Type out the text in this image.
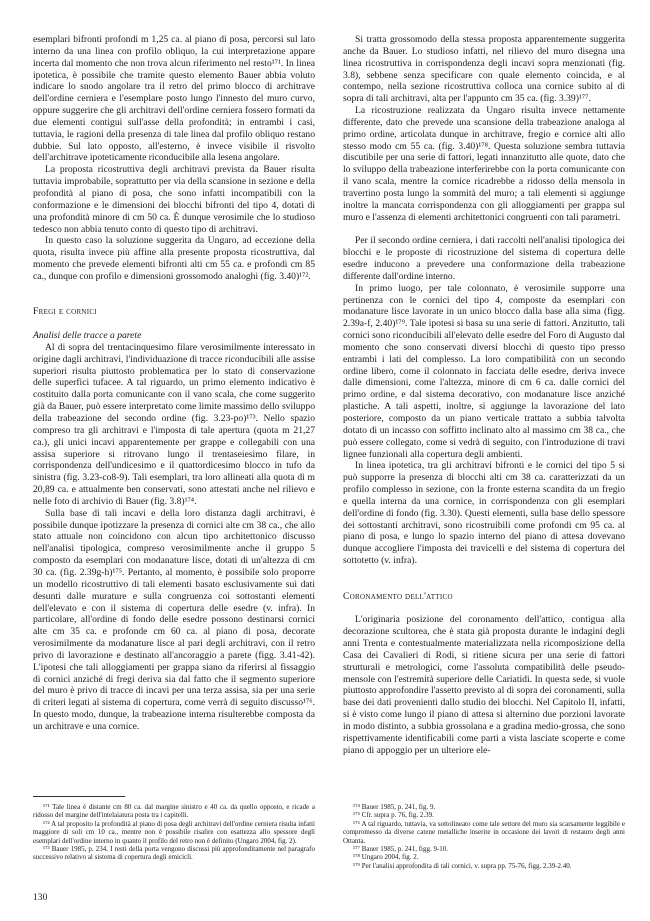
esemplari bifronti profondi m 1,25 ca. al piano di posa, percorsi sul lato interno da una linea con profilo obliquo, la cui interpretazione appare incerta dal momento che non trova alcun riferimento nel resto¹⁷¹. In linea ipotetica, è possibile che tramite questo elemento Bauer abbia voluto indicare lo snodo angolare tra il retro del primo blocco di architrave dell'ordine cerniera e l'esemplare posto lungo l'innesto del muro curvo, oppure suggerire che gli architravi dell'ordine cerniera fossero formati da due elementi contigui sull'asse della profondità; in entrambi i casi, tuttavia, le ragioni della presenza di tale linea dal profilo obliquo restano dubbie. Sul lato opposto, all'esterno, è invece visibile il risvolto dell'architrave ipoteticamente riconducibile alla lesena angolare.

La proposta ricostruttiva degli architravi prevista da Bauer risulta tuttavia improbabile, soprattutto per via della scansione in sezione e della profondità al piano di posa, che sono infatti incompatibili con la conformazione e le dimensioni dei blocchi bifronti del tipo 4, dotati di una profondità minore di cm 50 ca. È dunque verosimile che lo studioso tedesco non abbia tenuto conto di questo tipo di architravi.

In questo caso la soluzione suggerita da Ungaro, ad eccezione della quota, risulta invece più affine alla presente proposta ricostruttiva, dal momento che prevede elementi bifronti alti cm 55 ca. e profondi cm 85 ca., dunque con profilo e dimensioni grossomodo analoghi (fig. 3.40)¹⁷².

Fregi e cornici

Analisi delle tracce a parete

Al di sopra del trentacinquesimo filare verosimilmente interessato in origine dagli architravi, l'individuazione di tracce riconducibili alle assise superiori risulta piuttosto problematica per lo stato di conservazione delle superfici tufacee. A tal riguardo, un primo elemento indicativo è costituito dalla porta comunicante con il vano scala, che come suggerito già da Bauer, può essere interpretato come limite massimo dello sviluppo della trabeazione del secondo ordine (fig. 3.23-po)¹⁷³. Nello spazio compreso tra gli architravi e l'imposta di tale apertura (quota m 21,27 ca.), gli unici incavi apparentemente per grappe e collegabili con una assisa superiore si ritrovano lungo il trentaseiesimo filare, in corrispondenza dell'undicesimo e il quattordicesimo blocco in tufo da sinistra (fig. 3.23-co8-9). Tali esemplari, tra loro allineati alla quota di m 20,89 ca. e attualmente ben conservati, sono attestati anche nel rilievo e nelle foto di archivio di Bauer (fig. 3.8)¹⁷⁴.

Sulla base di tali incavi e della loro distanza dagli architravi, è possibile dunque ipotizzare la presenza di cornici alte cm 38 ca., che allo stato attuale non coincidono con alcun tipo architettonico discusso nell'analisi tipologica, compreso verosimilmente anche il gruppo 5 composto da esemplari con modanature lisce, dotati di un'altezza di cm 30 ca. (fig. 2.39g-h)¹⁷⁵. Pertanto, al momento, è possibile solo proporre un modello ricostruttivo di tali elementi basato esclusivamente sui dati desunti dalle murature e sulla congruenza coi sottostanti elementi dell'elevato e con il sistema di copertura delle esedre (v. infra). In particolare, all'ordine di fondo delle esedre possono destinarsi cornici alte cm 35 ca. e profonde cm 60 ca. al piano di posa, decorate verosimilmente da modanature lisce al pari degli architravi, con il retro privo di lavorazione e destinato all'ancoraggio a parete (figg. 3.41-42). L'ipotesi che tali alloggiamenti per grappa siano da riferirsi al fissaggio di cornici anziché di fregi deriva sia dal fatto che il segmento superiore del muro è privo di tracce di incavi per una terza assisa, sia per una serie di criteri legati al sistema di copertura, come verrà di seguito discusso¹⁷⁶. In questo modo, dunque, la trabeazione interna risulterebbe composta da un architrave e una cornice.

Si tratta grossomodo della stessa proposta apparentemente suggerita anche da Bauer. Lo studioso infatti, nel rilievo del muro disegna una linea ricostruttiva in corrispondenza degli incavi sopra menzionati (fig. 3.8), sebbene senza specificare con quale elemento coincida, e al contempo, nella sezione ricostruttiva colloca una cornice subito al di sopra di tali architravi, alta per l'appunto cm 35 ca. (fig. 3.39)¹⁷⁷.

La ricostruzione realizzata da Ungaro risulta invece nettamente differente, dato che prevede una scansione della trabeazione analoga al primo ordine, articolata dunque in architrave, fregio e cornice alti allo stesso modo cm 55 ca. (fig. 3.40)¹⁷⁸. Questa soluzione sembra tuttavia discutibile per una serie di fattori, legati innanzitutto alle quote, dato che lo sviluppo della trabeazione interferirebbe con la porta comunicante con il vano scala, mentre la cornice ricadrebbe a ridosso della mensola in travertino posta lungo la sommità del muro; a tali elementi si aggiunge inoltre la mancata corrispondenza con gli alloggiamenti per grappa sul muro e l'assenza di elementi architettonici congruenti con tali parametri.

Per il secondo ordine cerniera, i dati raccolti nell'analisi tipologica dei blocchi e le proposte di ricostruzione del sistema di copertura delle esedre inducono a prevedere una conformazione della trabeazione differente dall'ordine interno.

In primo luogo, per tale colonnato, è verosimile supporre una pertinenza con le cornici del tipo 4, composte da esemplari con modanature lisce lavorate in un unico blocco dalla base alla sima (figg. 2.39a-f, 2.40)¹⁷⁹. Tale ipotesi si basa su una serie di fattori. Anzitutto, tali cornici sono riconducibili all'elevato delle esedre del Foro di Augusto dal momento che sono conservati diversi blocchi di questo tipo presso entrambi i lati del complesso. La loro compatibilità con un secondo ordine libero, come il colonnato in facciata delle esedre, deriva invece dalle dimensioni, come l'altezza, minore di cm 6 ca. dalle cornici del primo ordine, e dal sistema decorativo, con modanature lisce anziché plastiche. A tali aspetti, inoltre, si aggiunge la lavorazione del lato posteriore, composto da un piano verticale trattato a subbia talvolta dotato di un incasso con soffitto inclinato alto al massimo cm 38 ca., che può essere collegato, come si vedrà di seguito, con l'introduzione di travi lignee funzionali alla copertura degli ambienti.

In linea ipotetica, tra gli architravi bifronti e le cornici del tipo 5 si può supporre la presenza di blocchi alti cm 38 ca. caratterizzati da un profilo complesso in sezione, con la fronte esterna scandita da un fregio e quella interna da una cornice, in corrispondenza con gli esemplari dell'ordine di fondo (fig. 3.30). Questi elementi, sulla base dello spessore dei sottostanti architravi, sono ricostruibili come profondi cm 95 ca. al piano di posa, e lungo lo spazio interno del piano di attesa dovevano dunque accogliere l'imposta dei travicelli e del sistema di copertura del sottotetto (v. infra).

Coronamento dell'attico

L'originaria posizione del coronamento dell'attico, contigua alla decorazione scultorea, che è stata già proposta durante le indagini degli anni Trenta e contestualmente materializzata nella ricomposizione della Casa dei Cavalieri di Rodi, si ritiene sicura per una serie di fattori strutturali e metrologici, come l'assoluta compatibilità delle pseudo-mensole con l'estremità superiore delle Cariatidi. In questa sede, si vuole piuttosto approfondire l'assetto previsto al di sopra dei coronamenti, sulla base dei dati provenienti dallo studio dei blocchi. Nel Capitolo II, infatti, si è visto come lungo il piano di attesa si alternino due porzioni lavorate in modo distinto, a subbia grossolana e a gradina medio-grossa, che sono rispettivamente identificabili come parti a vista lasciate scoperte e come piano di appoggio per un ulteriore ele-

¹⁷¹ Tale linea è distante cm 80 ca. dal margine sinistro e 40 ca. da quello opposto, e ricade a ridosso del margine dell'intelaiatura posta tra i capitelli.

¹⁷² A tal proposito la profondità al piano di posa degli architravi dell'ordine cerniera risulta infatti maggiore di soli cm 10 ca., mentre non è possibile risalire con esattezza allo spessore degli esemplari dell'ordine interno in quanto il profilo del retro non è definito (Ungaro 2004, fig. 2).

¹⁷³ Bauer 1985, p. 234. I resti della porta vengono discussi più approfonditamente nel paragrafo successivo relativo al sistema di copertura degli emicicli.

¹⁷⁴ Bauer 1985, p. 241, fig. 9.

¹⁷⁵ Cfr. supra p. 76, fig. 2.39.

¹⁷⁶ A tal riguardo, tuttavia, va sottolineato come tale settore del muro sia scarsamente leggibile e compromesso da diverse catene metalliche inserite in occasione dei lavori di restauro degli anni Ottanta.

¹⁷⁷ Bauer 1985, p. 241, figg. 9-10.

¹⁷⁸ Ungaro 2004, fig. 2.

¹⁷⁹ Per l'analisi approfondita di tali cornici, v. supra pp. 75-76, figg. 2.39-2.40.

130
